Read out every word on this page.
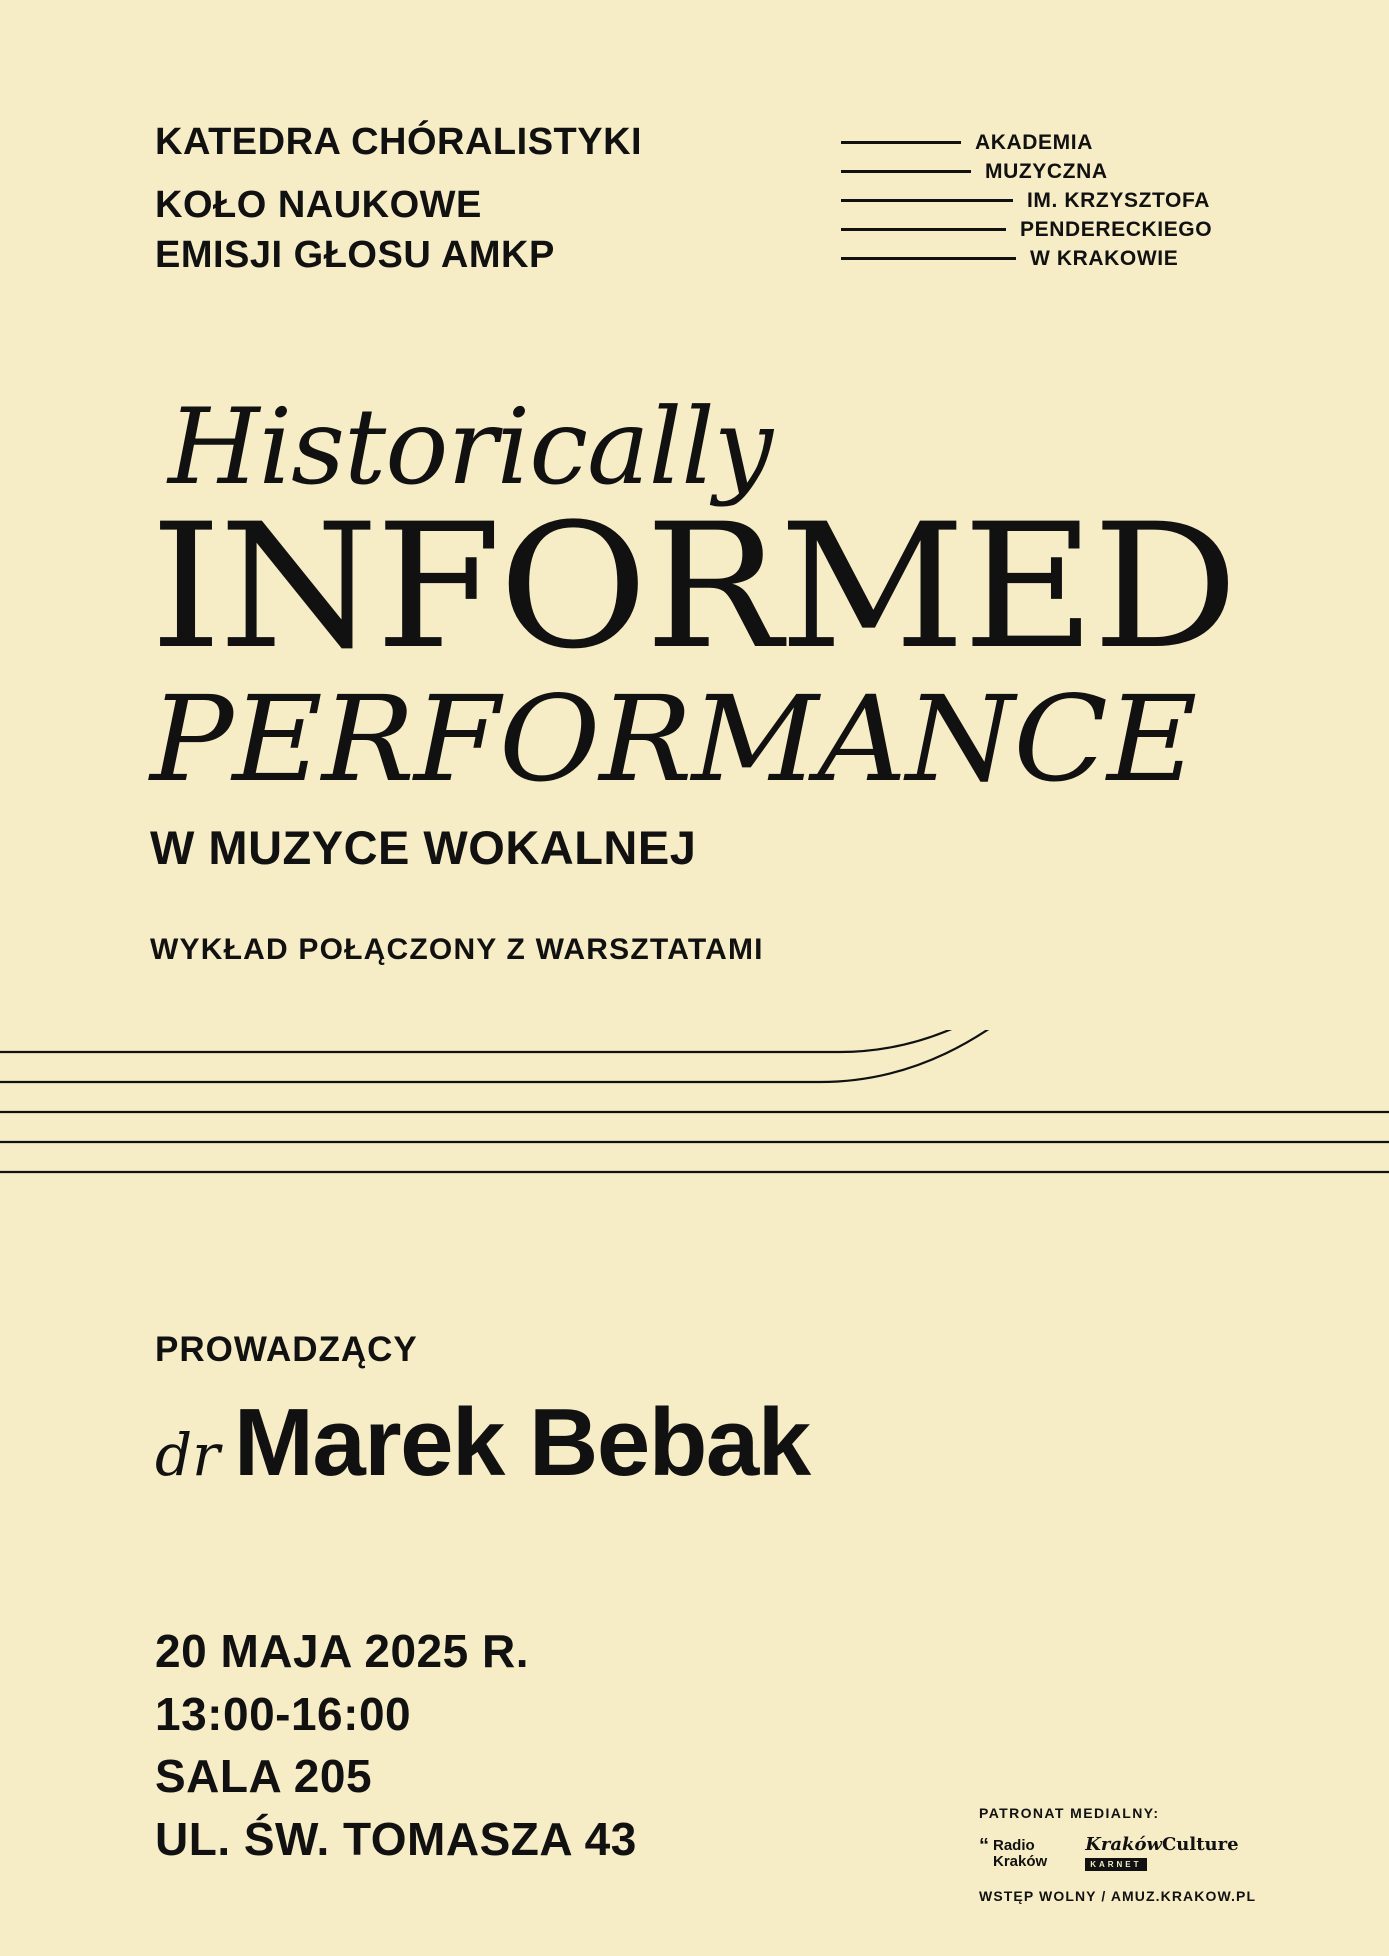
KATEDRA CHÓRALISTYKI
KOŁO NAUKOWE
EMISJI GŁOSU AMKP
AKADEMIA
MUZYCZNA
IM. KRZYSZTOFA
PENDERECKIEGO
W KRAKOWIE
Historically
INFORMED
PERFORMANCE
W MUZYCE WOKALNEJ
WYKŁAD POŁĄCZONY Z WARSZTATAMI
PROWADZĄCY
dr Marek Bebak
20 MAJA 2025 R.
13:00-16:00
SALA 205
UL. ŚW. TOMASZA 43	PATRONAT MEDIALNY:
“ Radio
Kraków
KrakówCulture
KARNET
WSTĘP WOLNY / AMUZ.KRAKOW.PL
